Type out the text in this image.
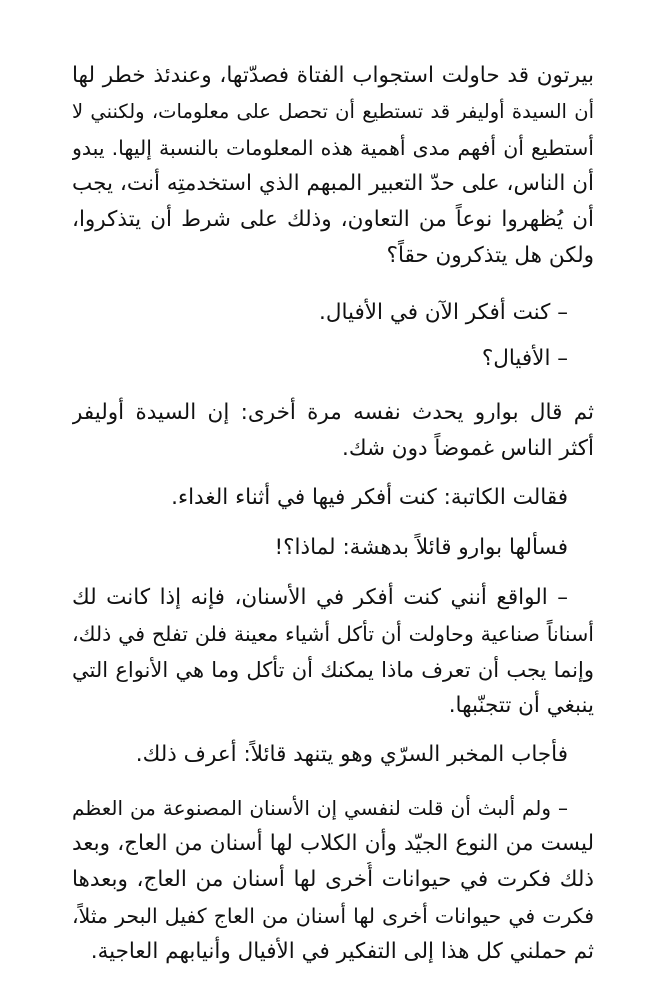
بيرتون قد حاولت استجواب الفتاة فصدّتها، وعندئذ خطر لها
أن السيدة أوليفر قد تستطيع أن تحصل على معلومات، ولكنني لا
أستطيع أن أفهم مدى أهمية هذه المعلومات بالنسبة إليها. يبدو
أن الناس، على حدّ التعبير المبهم الذي استخدمتِه أنت، يجب
أن يُظهروا نوعاً من التعاون، وذلك على شرط أن يتذكروا،
ولكن هل يتذكرون حقاً؟
– كنت أفكر الآن في الأفيال.
– الأفيال؟
ثم قال بوارو يحدث نفسه مرة أخرى: إن السيدة أوليفر
أكثر الناس غموضاً دون شك.
فقالت الكاتبة: كنت أفكر فيها في أثناء الغداء.
فسألها بوارو قائلاً بدهشة: لماذا؟!
– الواقع أنني كنت أفكر في الأسنان، فإنه إذا كانت لك
أسناناً صناعية وحاولت أن تأكل أشياء معينة فلن تفلح في ذلك،
وإنما يجب أن تعرف ماذا يمكنك أن تأكل وما هي الأنواع التي
ينبغي أن تتجنّبها.
فأجاب المخبر السرّي وهو يتنهد قائلاً: أعرف ذلك.
– ولم ألبث أن قلت لنفسي إن الأسنان المصنوعة من العظم
ليست من النوع الجيّد وأن الكلاب لها أسنان من العاج، وبعد
ذلك فكرت في حيوانات أُخرى لها أسنان من العاج، وبعدها
فكرت في حيوانات أخرى لها أسنان من العاج كفيل البحر مثلاً،
ثم حملني كل هذا إلى التفكير في الأفيال وأنيابهم العاجية.
